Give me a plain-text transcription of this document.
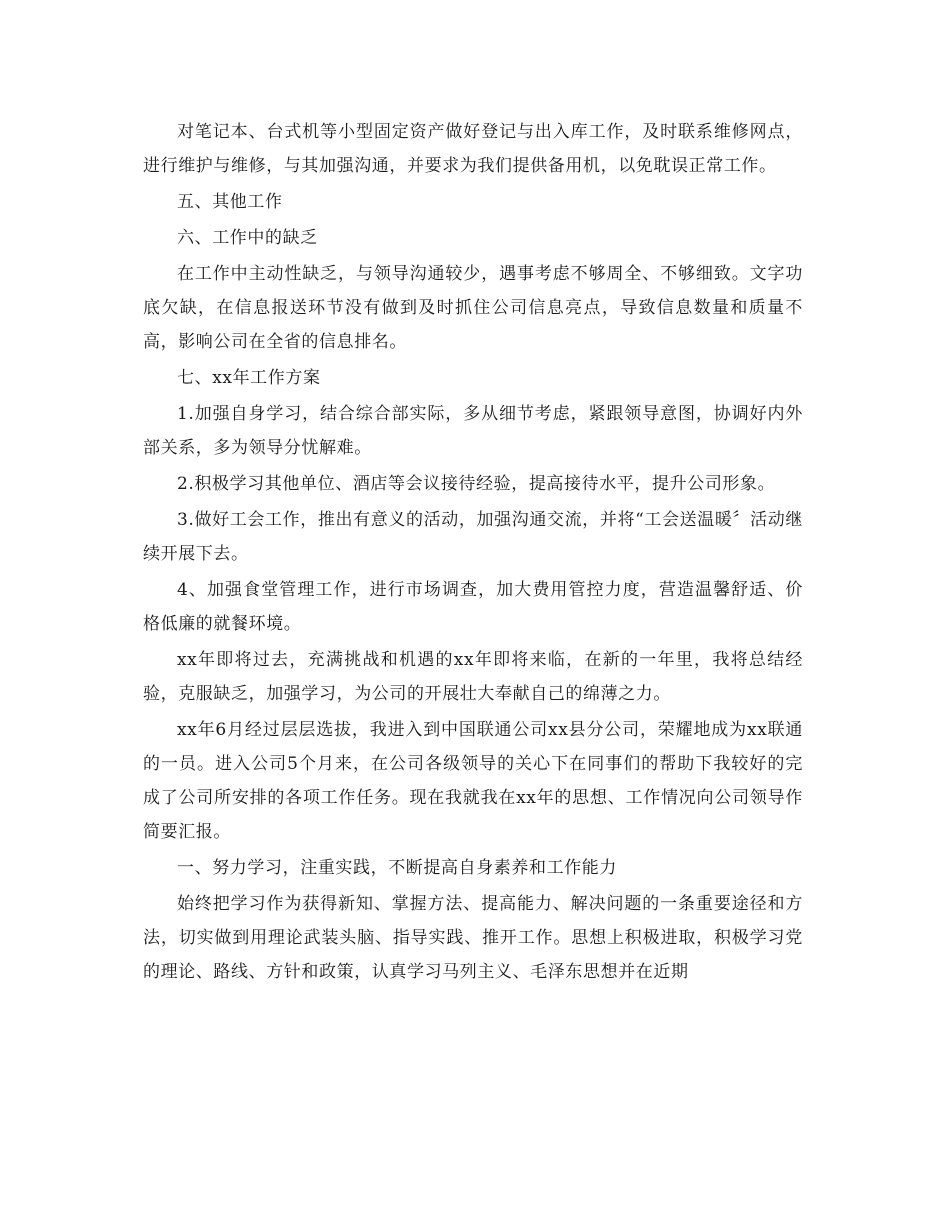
对笔记本、台式机等小型固定资产做好登记与出入库工作，及时联系维修网点，进行维护与维修，与其加强沟通，并要求为我们提供备用机，以免耽误正常工作。

五、其他工作

六、工作中的缺乏

在工作中主动性缺乏，与领导沟通较少，遇事考虑不够周全、不够细致。文字功底欠缺，在信息报送环节没有做到及时抓住公司信息亮点，导致信息数量和质量不高，影响公司在全省的信息排名。

七、xx年工作方案

1.加强自身学习，结合综合部实际，多从细节考虑，紧跟领导意图，协调好内外部关系，多为领导分忧解难。

2.积极学习其他单位、酒店等会议接待经验，提高接待水平，提升公司形象。

3.做好工会工作，推出有意义的活动，加强沟通交流，并将“工会送温暖〞活动继续开展下去。

4、加强食堂管理工作，进行市场调查，加大费用管控力度，营造温馨舒适、价格低廉的就餐环境。

xx年即将过去，充满挑战和机遇的xx年即将来临，在新的一年里，我将总结经验，克服缺乏，加强学习，为公司的开展壮大奉献自己的绵薄之力。

xx年6月经过层层选拔，我进入到中国联通公司xx县分公司，荣耀地成为xx联通的一员。进入公司5个月来，在公司各级领导的关心下在同事们的帮助下我较好的完成了公司所安排的各项工作任务。现在我就我在xx年的思想、工作情况向公司领导作简要汇报。

一、努力学习，注重实践，不断提高自身素养和工作能力

始终把学习作为获得新知、掌握方法、提高能力、解决问题的一条重要途径和方法，切实做到用理论武装头脑、指导实践、推开工作。思想上积极进取，积极学习党的理论、路线、方针和政策，认真学习马列主义、毛泽东思想并在近期
